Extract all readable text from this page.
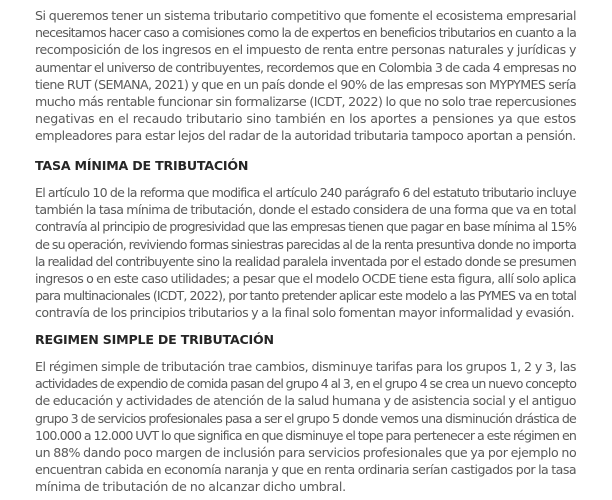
Si queremos tener un sistema tributario competitivo que fomente el ecosistema empresarial
necesitamos hacer caso a comisiones como la de expertos en beneficios tributarios en cuanto a la
recomposición de los ingresos en el impuesto de renta entre personas naturales y jurídicas y
aumentar el universo de contribuyentes, recordemos que en Colombia 3 de cada 4 empresas no
tiene RUT (SEMANA, 2021) y que en un país donde el 90% de las empresas son MYPYMES sería
mucho más rentable funcionar sin formalizarse (ICDT, 2022) lo que no solo trae repercusiones
negativas en el recaudo tributario sino también en los aportes a pensiones ya que estos
empleadores para estar lejos del radar de la autoridad tributaria tampoco aportan a pensión.

TASA MÍNIMA DE TRIBUTACIÓN

El artículo 10 de la reforma que modifica el artículo 240 parágrafo 6 del estatuto tributario incluye
también la tasa mínima de tributación, donde el estado considera de una forma que va en total
contravía al principio de progresividad que las empresas tienen que pagar en base mínima al 15%
de su operación, reviviendo formas siniestras parecidas al de la renta presuntiva donde no importa
la realidad del contribuyente sino la realidad paralela inventada por el estado donde se presumen
ingresos o en este caso utilidades; a pesar que el modelo OCDE tiene esta figura, allí solo aplica
para multinacionales (ICDT, 2022), por tanto pretender aplicar este modelo a las PYMES va en total
contravía de los principios tributarios y a la final solo fomentan mayor informalidad y evasión.

REGIMEN SIMPLE DE TRIBUTACIÓN

El régimen simple de tributación trae cambios, disminuye tarifas para los grupos 1, 2 y 3, las
actividades de expendio de comida pasan del grupo 4 al 3, en el grupo 4 se crea un nuevo concepto
de educación y actividades de atención de la salud humana y de asistencia social y el antiguo
grupo 3 de servicios profesionales pasa a ser el grupo 5 donde vemos una disminución drástica de
100.000 a 12.000 UVT lo que significa en que disminuye el tope para pertenecer a este régimen en
un 88% dando poco margen de inclusión para servicios profesionales que ya por ejemplo no
encuentran cabida en economía naranja y que en renta ordinaria serían castigados por la tasa
mínima de tributación de no alcanzar dicho umbral.
